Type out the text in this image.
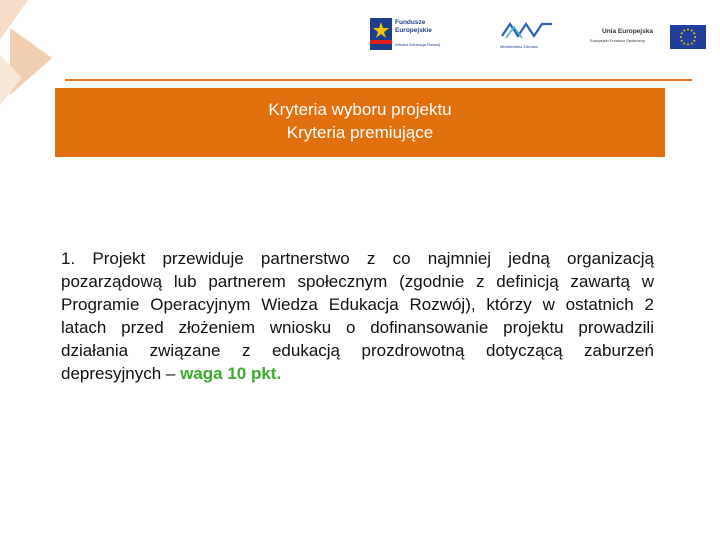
Fundusze
Europejskie
Wiedza Edukacja Rozwój	Ministerstwo Zdrowia
Unia Europejska
Europejski Fundusz Społeczny
Kryteria wyboru projektu
Kryteria premiujące

1. Projekt przewiduje partnerstwo z co najmniej jedną organizacją pozarządową lub partnerem społecznym (zgodnie z definicją zawartą w Programie Operacyjnym Wiedza Edukacja Rozwój), którzy w ostatnich 2 latach przed złożeniem wniosku o dofinansowanie projektu prowadzili działania związane z edukacją prozdrowotną dotyczącą zaburzeń depresyjnych – waga 10 pkt.
